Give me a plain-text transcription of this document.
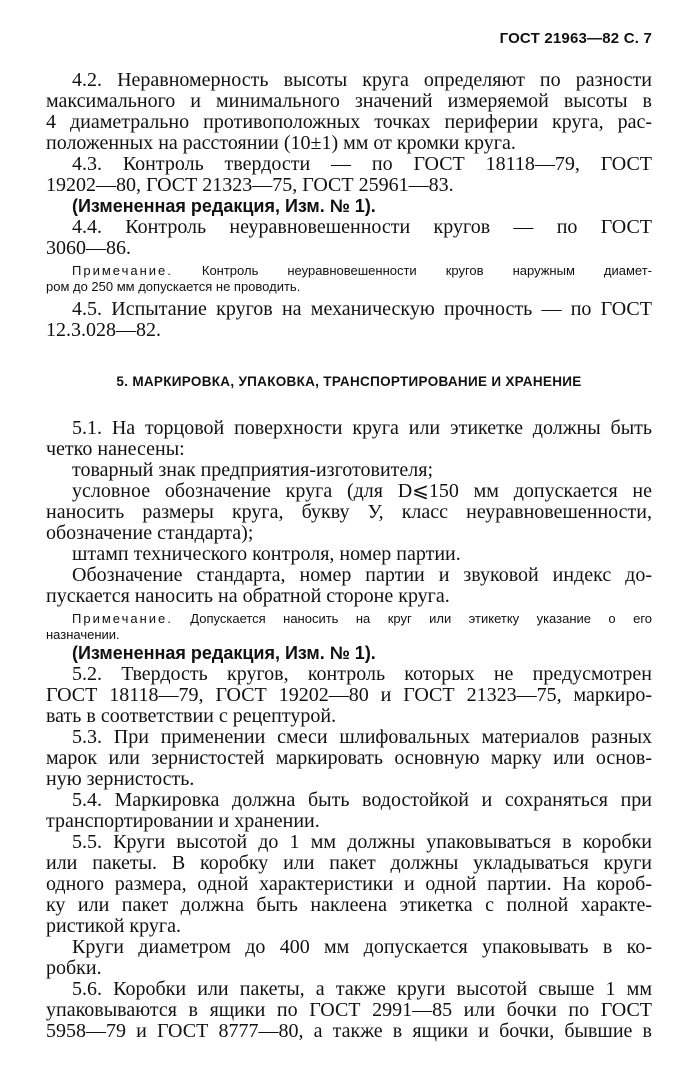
ГОСТ 21963—82 С. 7

4.2. Неравномерность высоты круга определяют по разности

максимального и минимального значений измеряемой высоты в

4 диаметрально противоположных точках периферии круга, рас-

положенных на расстоянии (10±1) мм от кромки круга.

4.3. Контроль твердости — по ГОСТ 18118—79, ГОСТ

19202—80, ГОСТ 21323—75, ГОСТ 25961—83.

(Измененная редакция, Изм. № 1).

4.4. Контроль неуравновешенности кругов — по ГОСТ

3060—86.

Примечание. Контроль неуравновешенности кругов наружным диамет-

ром до 250 мм допускается не проводить.

4.5. Испытание кругов на механическую прочность — по ГОСТ

12.3.028—82.

5. МАРКИРОВКА, УПАКОВКА, ТРАНСПОРТИРОВАНИЕ И ХРАНЕНИЕ

5.1. На торцовой поверхности круга или этикетке должны быть

четко нанесены:

товарный знак предприятия-изготовителя;

условное обозначение круга (для D⩽150 мм допускается не

наносить размеры круга, букву У, класс неуравновешенности,

обозначение стандарта);

штамп технического контроля, номер партии.

Обозначение стандарта, номер партии и звуковой индекс до-

пускается наносить на обратной стороне круга.

Примечание. Допускается наносить на круг или этикетку указание о его

назначении.

(Измененная редакция, Изм. № 1).

5.2. Твердость кругов, контроль которых не предусмотрен

ГОСТ 18118—79, ГОСТ 19202—80 и ГОСТ 21323—75, маркиро-

вать в соответствии с рецептурой.

5.3. При применении смеси шлифовальных материалов разных

марок или зернистостей маркировать основную марку или основ-

ную зернистость.

5.4. Маркировка должна быть водостойкой и сохраняться при

транспортировании и хранении.

5.5. Круги высотой до 1 мм должны упаковываться в коробки

или пакеты. В коробку или пакет должны укладываться круги

одного размера, одной характеристики и одной партии. На короб-

ку или пакет должна быть наклеена этикетка с полной характе-

ристикой круга.

Круги диаметром до 400 мм допускается упаковывать в ко-

робки.

5.6. Коробки или пакеты, а также круги высотой свыше 1 мм

упаковываются в ящики по ГОСТ 2991—85 или бочки по ГОСТ

5958—79 и ГОСТ 8777—80, а также в ящики и бочки, бывшие в
